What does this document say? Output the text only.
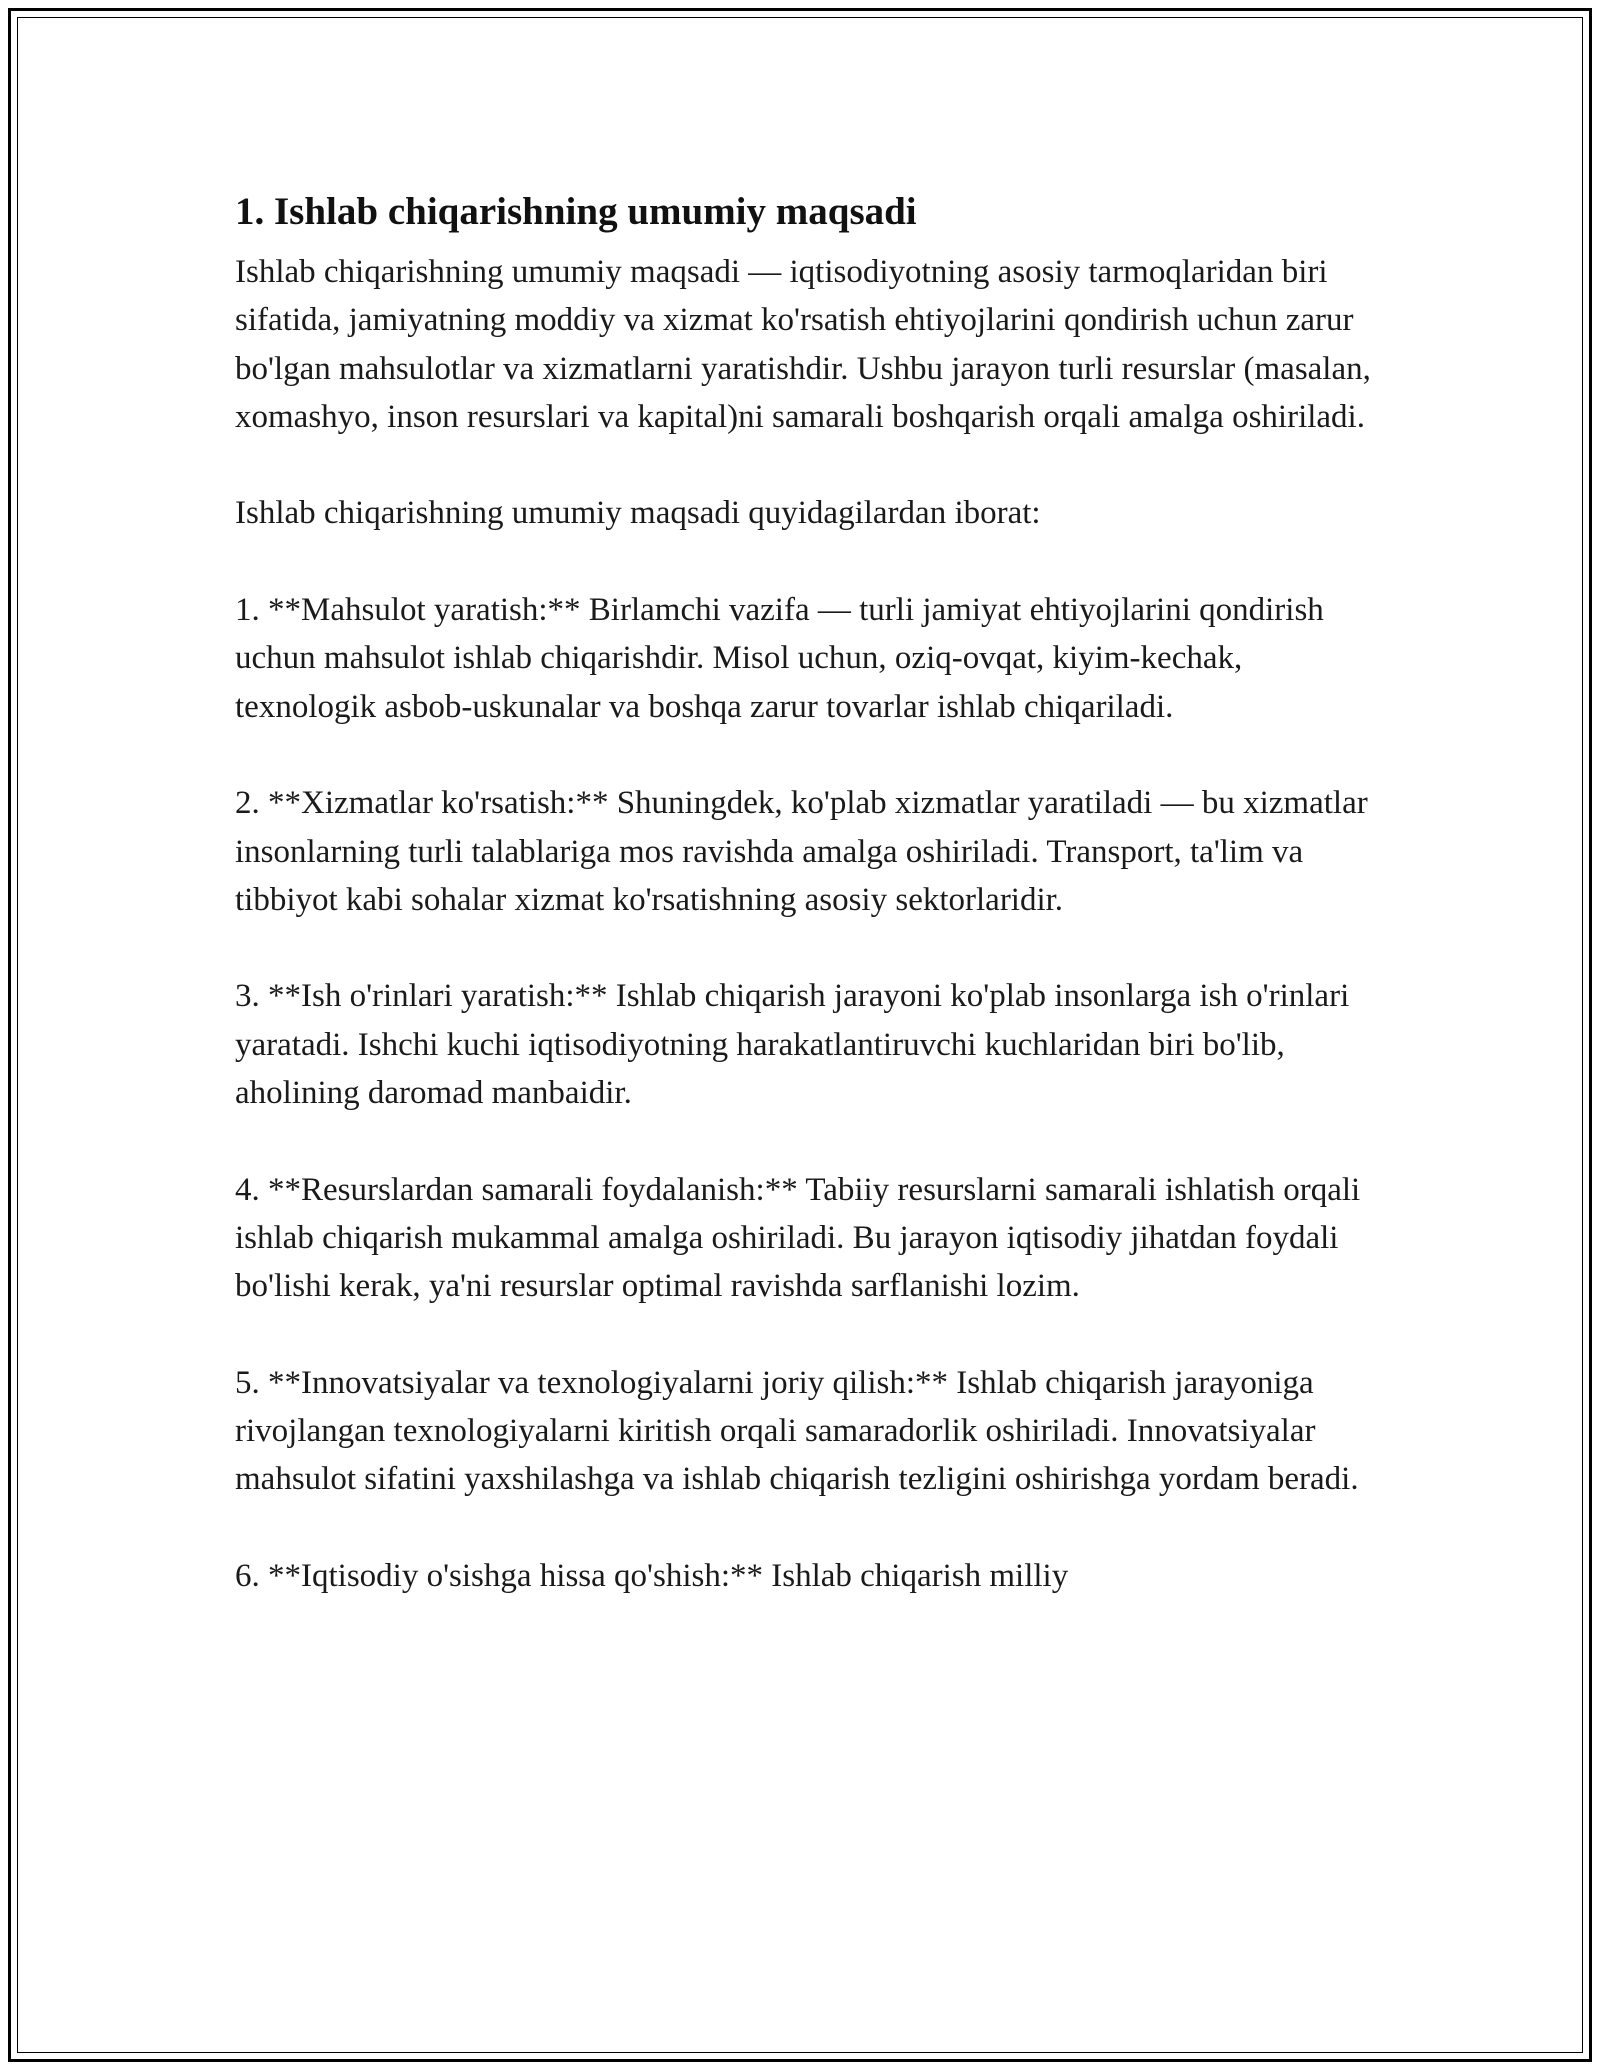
1. Ishlab chiqarishning umumiy maqsadi

Ishlab chiqarishning umumiy maqsadi — iqtisodiyotning asosiy tarmoqlaridan biri sifatida, jamiyatning moddiy va xizmat ko'rsatish ehtiyojlarini qondirish uchun zarur bo'lgan mahsulotlar va xizmatlarni yaratishdir. Ushbu jarayon turli resurslar (masalan, xomashyo, inson resurslari va kapital)ni samarali boshqarish orqali amalga oshiriladi.

Ishlab chiqarishning umumiy maqsadi quyidagilardan iborat:

1. **Mahsulot yaratish:** Birlamchi vazifa — turli jamiyat ehtiyojlarini qondirish uchun mahsulot ishlab chiqarishdir. Misol uchun, oziq-ovqat, kiyim-kechak, texnologik asbob-uskunalar va boshqa zarur tovarlar ishlab chiqariladi.

2. **Xizmatlar ko'rsatish:** Shuningdek, ko'plab xizmatlar yaratiladi — bu xizmatlar insonlarning turli talablariga mos ravishda amalga oshiriladi. Transport, ta'lim va tibbiyot kabi sohalar xizmat ko'rsatishning asosiy sektorlaridir.

3. **Ish o'rinlari yaratish:** Ishlab chiqarish jarayoni ko'plab insonlarga ish o'rinlari yaratadi. Ishchi kuchi iqtisodiyotning harakatlantiruvchi kuchlaridan biri bo'lib, aholining daromad manbaidir.

4. **Resurslardan samarali foydalanish:** Tabiiy resurslarni samarali ishlatish orqali ishlab chiqarish mukammal amalga oshiriladi. Bu jarayon iqtisodiy jihatdan foydali bo'lishi kerak, ya'ni resurslar optimal ravishda sarflanishi lozim.

5. **Innovatsiyalar va texnologiyalarni joriy qilish:** Ishlab chiqarish jarayoniga rivojlangan texnologiyalarni kiritish orqali samaradorlik oshiriladi. Innovatsiyalar mahsulot sifatini yaxshilashga va ishlab chiqarish tezligini oshirishga yordam beradi.

6. **Iqtisodiy o'sishga hissa qo'shish:** Ishlab chiqarish milliy
